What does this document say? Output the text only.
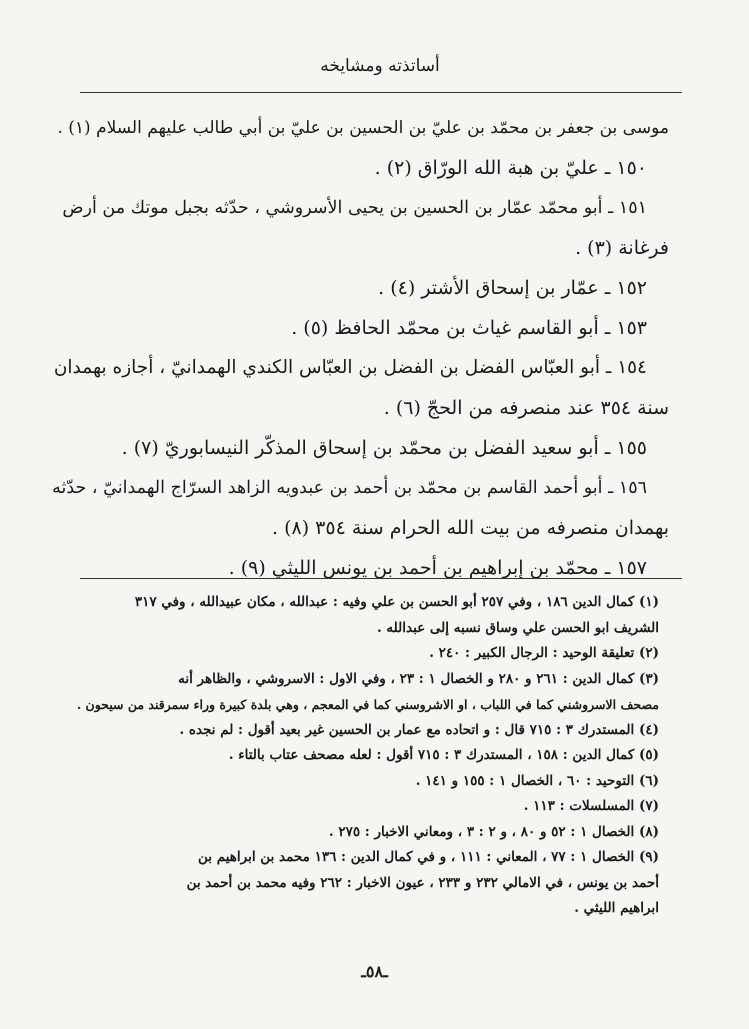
أساتذته ومشايخه

موسى بن جعفر بن محمّد بن عليّ بن الحسين بن عليّ بن أبي طالب عليهم السلام (١) .

١٥٠ ـ عليّ بن هبة الله الورّاق (٢) .

١٥١ ـ أبو محمّد عمّار بن الحسين بن يحيى الأسروشي ، حدّثه بجبل موتك من أرض

فرغانة (٣) .

١٥٢ ـ عمّار بن إسحاق الأشتر (٤) .

١٥٣ ـ أبو القاسم غياث بن محمّد الحافظ (٥) .

١٥٤ ـ أبو العبّاس الفضل بن الفضل بن العبّاس الكندي الهمدانيّ ، أجازه بهمدان

سنة ٣٥٤ عند منصرفه من الحجّ (٦) .

١٥٥ ـ أبو سعيد الفضل بن محمّد بن إسحاق المذكّر النيسابوريّ (٧) .

١٥٦ ـ أبو أحمد القاسم بن محمّد بن أحمد بن عبدويه الزاهد السرّاج الهمدانيّ ، حدّثه

بهمدان منصرفه من بيت الله الحرام سنة ٣٥٤ (٨) .

١٥٧ ـ محمّد بن إبراهيم بن أحمد بن يونس الليثي (٩) .

(١) كمال الدين ١٨٦ ، وفي ٢٥٧ أبو الحسن بن علي وفيه : عبدالله ، مكان عبيدالله ، وفي ٣١٧

الشريف ابو الحسن علي وساق نسبه إلى عبدالله .

(٢) تعليقة الوحيد : الرجال الكبير : ٢٤٠ .

(٣) كمال الدين : ٢٦١ و ٢٨٠ و الخصال ١ : ٢٣ ، وفي الاول : الاسروشي ، والظاهر أنه

مصحف الاسروشني كما في اللباب ، او الاشروسني كما في المعجم ، وهي بلدة كبيرة وراء سمرقند من سيحون .

(٤) المستدرك ٣ : ٧١٥ قال : و اتحاده مع عمار بن الحسين غير بعيد أقول : لم نجده .

(٥) كمال الدين : ١٥٨ ، المستدرك ٣ : ٧١٥ أقول : لعله مصحف عتاب بالتاء .

(٦) التوحيد : ٦٠ ، الخصال ١ : ١٥٥ و ١٤١ .

(٧) المسلسلات : ١١٣ .

(٨) الخصال ١ : ٥٢ و ٨٠ ، و ٢ : ٣ ، ومعاني الاخبار : ٢٧٥ .

(٩) الخصال ١ : ٧٧ ، المعاني : ١١١ ، و في كمال الدين : ١٣٦ محمد بن ابراهيم بن

أحمد بن يونس ، في الامالي ٢٣٢ و ٢٣٣ ، عيون الاخبار : ٢٦٢ وفيه محمد بن أحمد بن

ابراهيم الليثي .

ـ٥٨ـ
